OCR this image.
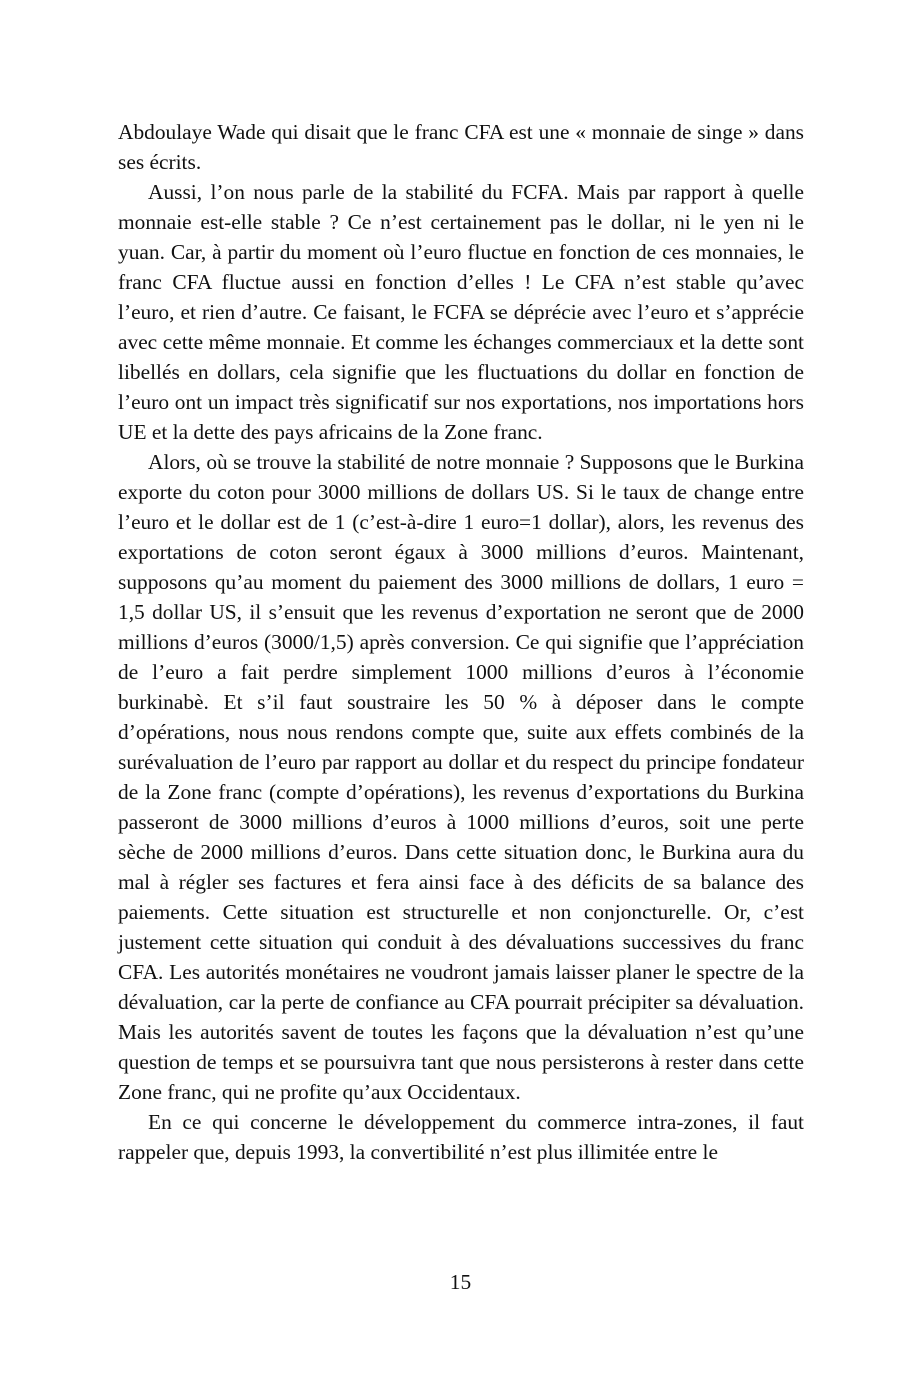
Abdoulaye Wade qui disait que le franc CFA est une « monnaie de singe » dans ses écrits.

Aussi, l’on nous parle de la stabilité du FCFA. Mais par rapport à quelle monnaie est-elle stable ? Ce n’est certainement pas le dollar, ni le yen ni le yuan. Car, à partir du moment où l’euro fluctue en fonction de ces monnaies, le franc CFA fluctue aussi en fonction d’elles ! Le CFA n’est stable qu’avec l’euro, et rien d’autre. Ce faisant, le FCFA se déprécie avec l’euro et s’apprécie avec cette même monnaie. Et comme les échanges commerciaux et la dette sont libellés en dollars, cela signifie que les fluctuations du dollar en fonction de l’euro ont un impact très significatif sur nos exportations, nos importations hors UE et la dette des pays africains de la Zone franc.

Alors, où se trouve la stabilité de notre monnaie ? Supposons que le Burkina exporte du coton pour 3000 millions de dollars US. Si le taux de change entre l’euro et le dollar est de 1 (c’est-à-dire 1 euro=1 dollar), alors, les revenus des exportations de coton seront égaux à 3000 millions d’euros. Maintenant, supposons qu’au moment du paiement des 3000 millions de dollars, 1 euro = 1,5 dollar US, il s’ensuit que les revenus d’exportation ne seront que de 2000 millions d’euros (3000/1,5) après conversion. Ce qui signifie que l’appréciation de l’euro a fait perdre simplement 1000 millions d’euros à l’économie burkinabè. Et s’il faut soustraire les 50 % à déposer dans le compte d’opérations, nous nous rendons compte que, suite aux effets combinés de la surévaluation de l’euro par rapport au dollar et du respect du principe fondateur de la Zone franc (compte d’opérations), les revenus d’exportations du Burkina passeront de 3000 millions d’euros à 1000 millions d’euros, soit une perte sèche de 2000 millions d’euros. Dans cette situation donc, le Burkina aura du mal à régler ses factures et fera ainsi face à des déficits de sa balance des paiements. Cette situation est structurelle et non conjoncturelle. Or, c’est justement cette situation qui conduit à des dévaluations successives du franc CFA. Les autorités monétaires ne voudront jamais laisser planer le spectre de la dévaluation, car la perte de confiance au CFA pourrait précipiter sa dévaluation. Mais les autorités savent de toutes les façons que la dévaluation n’est qu’une question de temps et se poursuivra tant que nous persisterons à rester dans cette Zone franc, qui ne profite qu’aux Occidentaux.

En ce qui concerne le développement du commerce intra-zones, il faut rappeler que, depuis 1993, la convertibilité n’est plus illimitée entre le

15
